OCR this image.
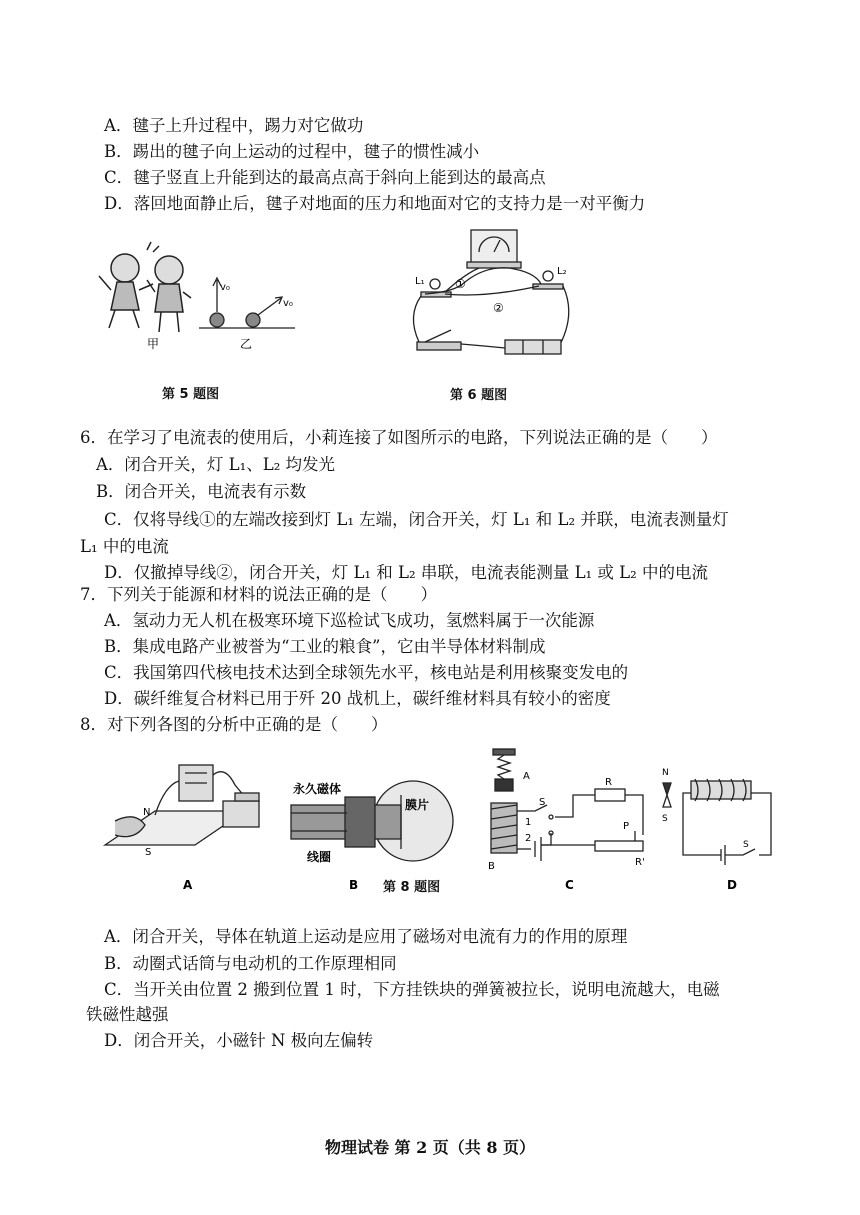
A．毽子上升过程中，踢力对它做功
B．踢出的毽子向上运动的过程中，毽子的惯性减小
C．毽子竖直上升能到达的最高点高于斜向上能到达的最高点
D．落回地面静止后，毽子对地面的压力和地面对它的支持力是一对平衡力
v₀
v₀
甲	乙
第 5 题图
①
②
L₁
L₂
第 6 题图
6．在学习了电流表的使用后，小莉连接了如图所示的电路，下列说法正确的是（　　）
A．闭合开关，灯 L₁、L₂ 均发光
B．闭合开关，电流表有示数
C．仅将导线①的左端改接到灯 L₁ 左端，闭合开关，灯 L₁ 和 L₂ 并联，电流表测量灯
L₁ 中的电流
D．仅撤掉导线②，闭合开关，灯 L₁ 和 L₂ 串联，电流表能测量 L₁ 或 L₂ 中的电流
7．下列关于能源和材料的说法正确的是（　　）
A．氢动力无人机在极寒环境下巡检试飞成功，氢燃料属于一次能源
B．集成电路产业被誉为“工业的粮食”，它由半导体材料制成
C．我国第四代核电技术达到全球领先水平，核电站是利用核聚变发电的
D．碳纤维复合材料已用于歼 20 战机上，碳纤维材料具有较小的密度
8．对下列各图的分析中正确的是（　　）
N
S
A
永久磁体
膜片
线圈
B
A
B
S
1
2
R
P
R'
C
N
S
S
D
第 8 题图
A．闭合开关，导体在轨道上运动是应用了磁场对电流有力的作用的原理
B．动圈式话筒与电动机的工作原理相同
C．当开关由位置 2 搬到位置 1 时，下方挂铁块的弹簧被拉长，说明电流越大，电磁
铁磁性越强
D．闭合开关，小磁针 N 极向左偏转
物理试卷 第 2 页（共 8 页）
